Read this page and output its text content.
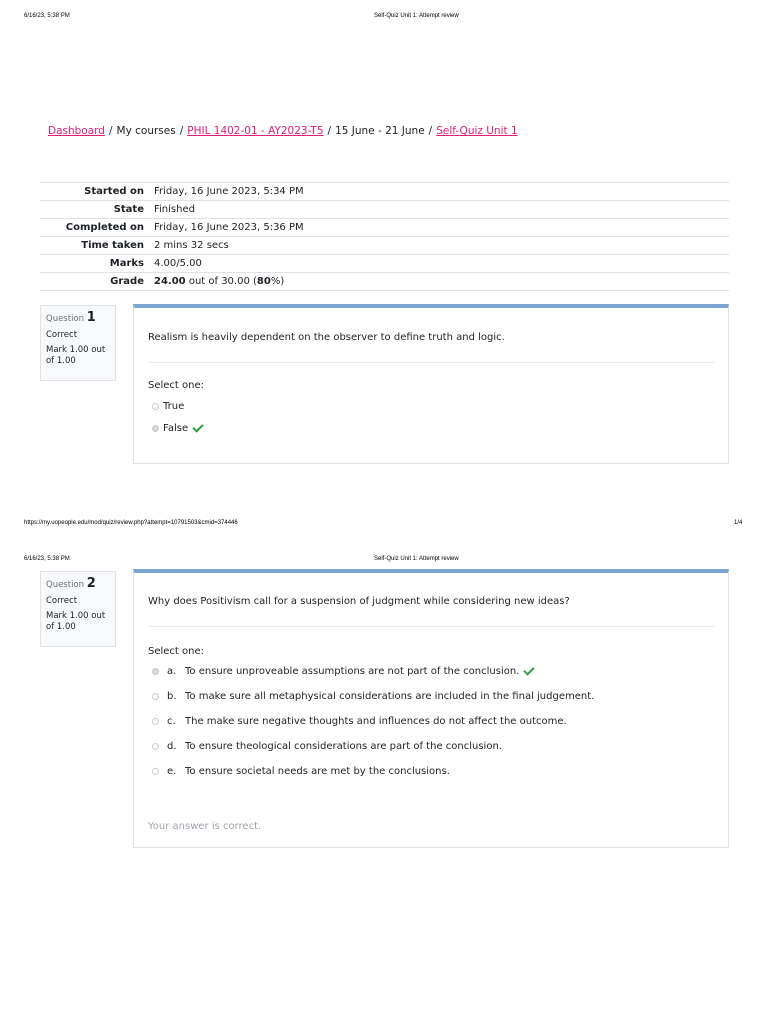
6/16/23, 5:38 PM	Self-Quiz Unit 1: Attempt review
Dashboard / My courses / PHIL 1402-01 - AY2023-T5 / 15 June - 21 June / Self-Quiz Unit 1
Started on	Friday, 16 June 2023, 5:34 PM
State	Finished
Completed on	Friday, 16 June 2023, 5:36 PM
Time taken	2 mins 32 secs
Marks	4.00/5.00
Grade	24.00 out of 30.00 (80%)
Question 1
Correct
Mark 1.00 out of 1.00
Realism is heavily dependent on the observer to define truth and logic.
Select one:
True
False
https://my.uopeople.edu/mod/quiz/review.php?attempt=10791503&cmid=374446	1/4
6/16/23, 5:38 PM	Self-Quiz Unit 1: Attempt review
Question 2
Correct
Mark 1.00 out of 1.00
Why does Positivism call for a suspension of judgment while considering new ideas?
Select one:
a. To ensure unproveable assumptions are not part of the conclusion.
b. To make sure all metaphysical considerations are included in the final judgement.
c. The make sure negative thoughts and influences do not affect the outcome.
d. To ensure theological considerations are part of the conclusion.
e. To ensure societal needs are met by the conclusions.
Your answer is correct.
